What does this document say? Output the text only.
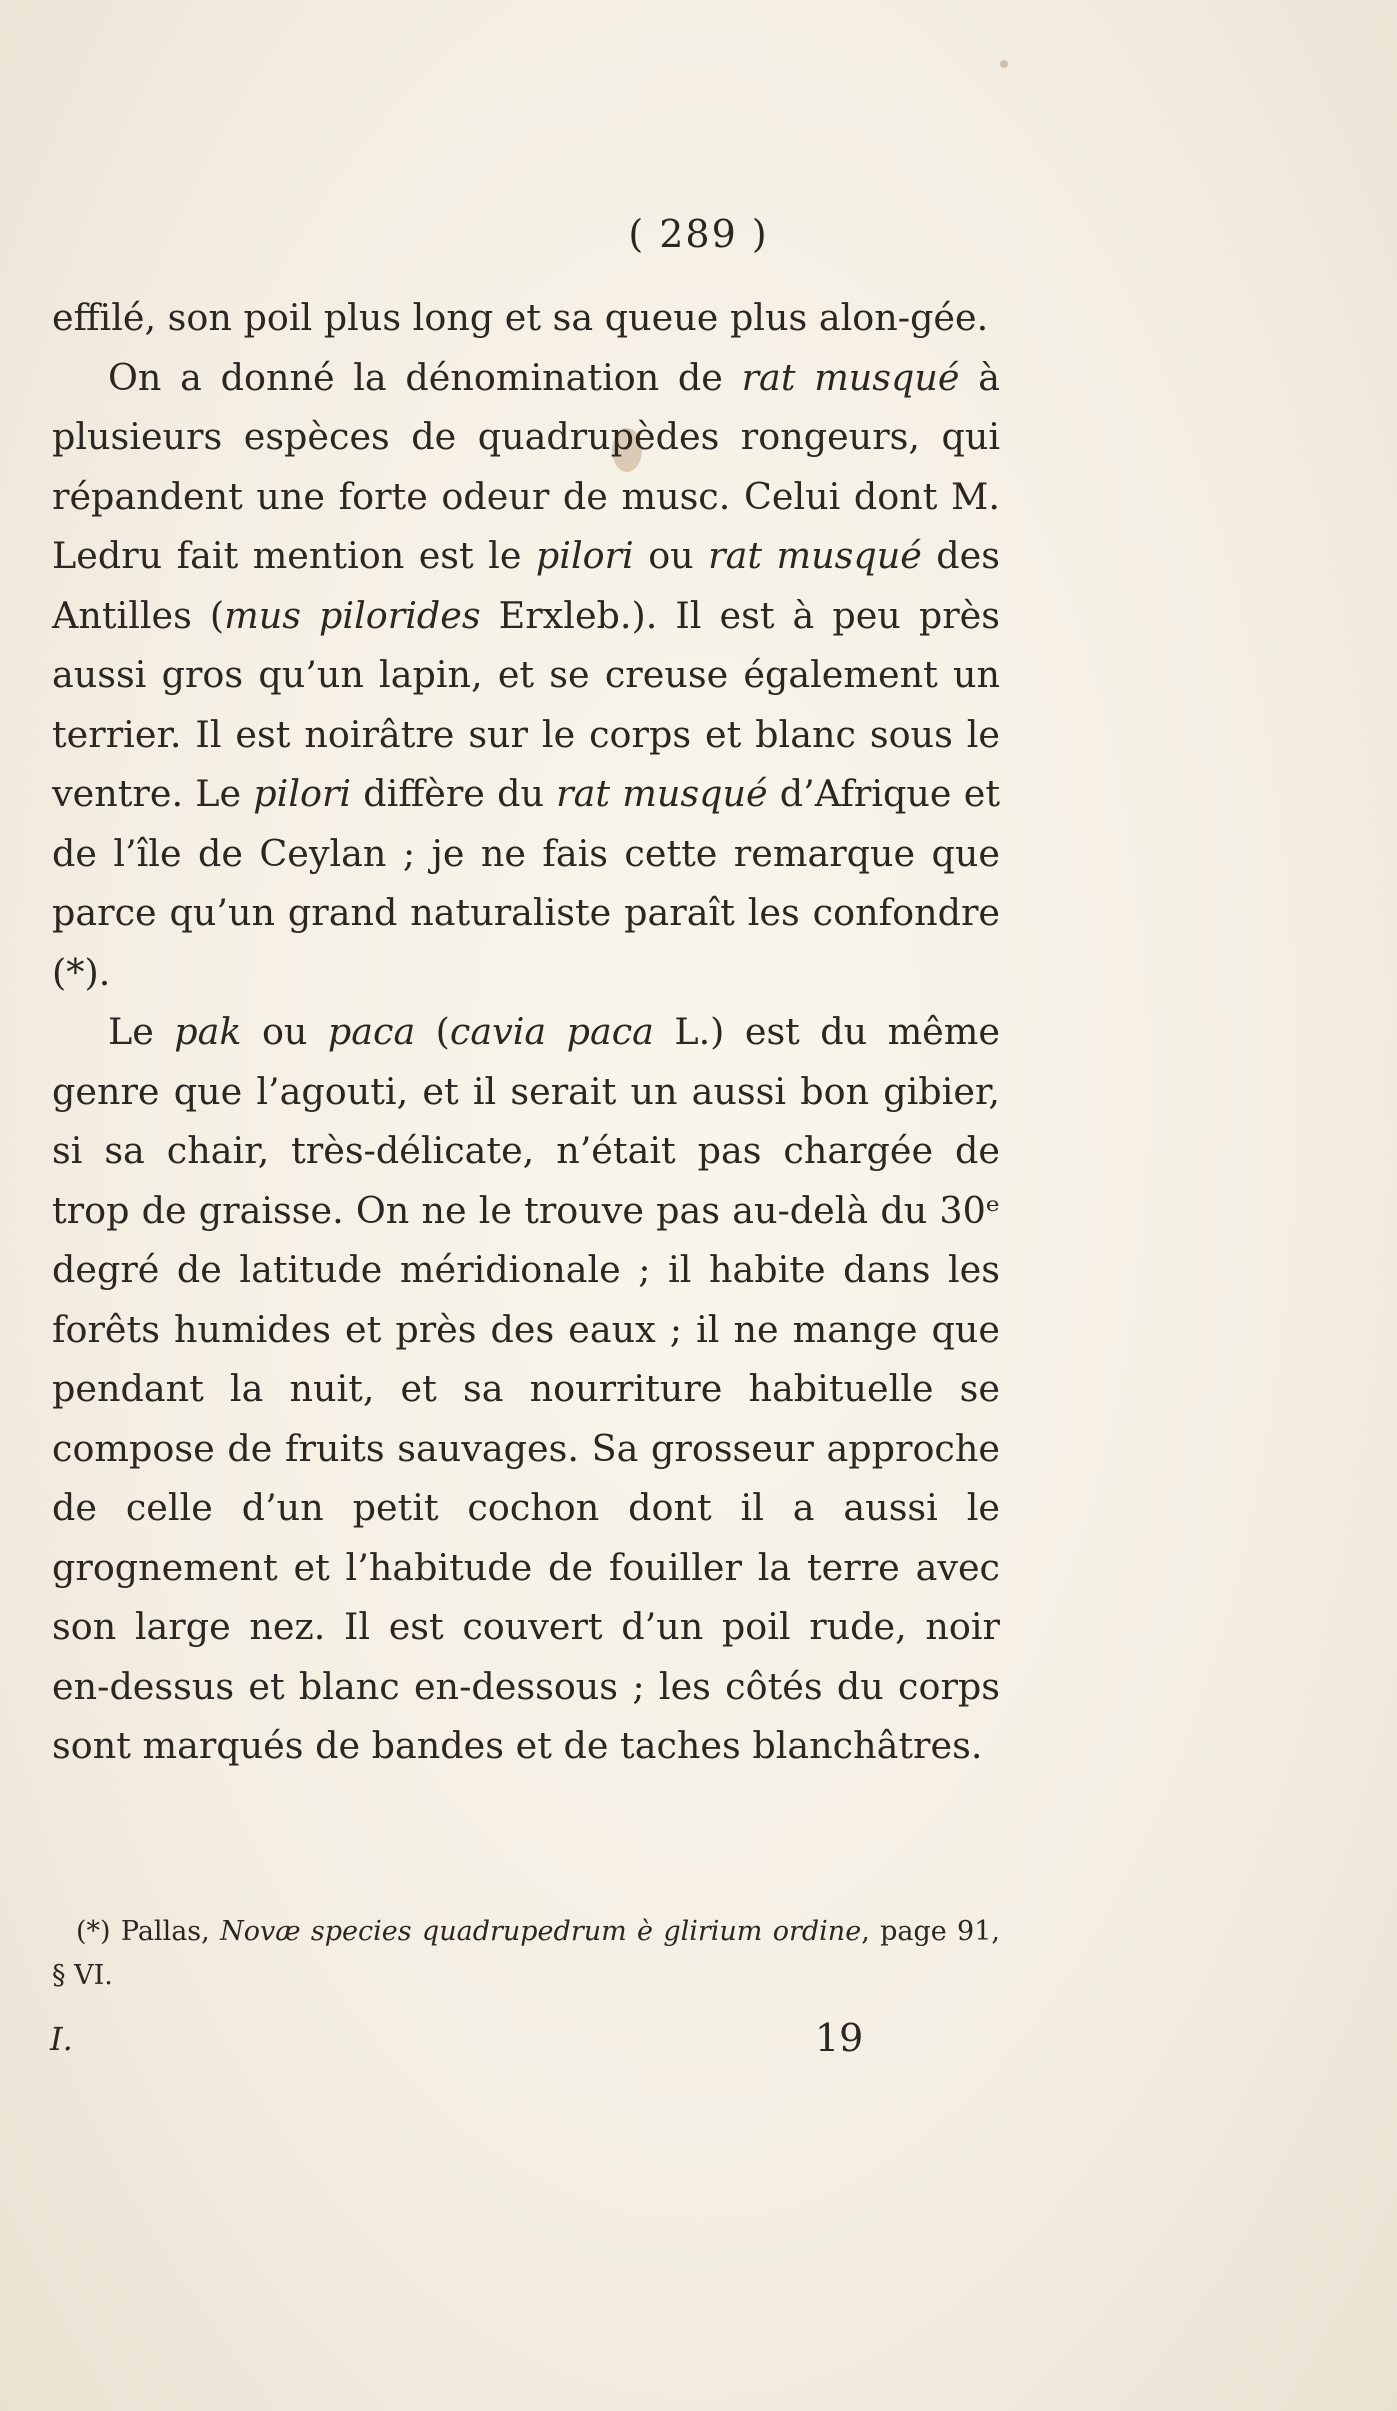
( 289 )

effilé, son poil plus long et sa queue plus alon-gée.

On a donné la dénomination de rat musqué à plusieurs espèces de quadrupèdes rongeurs, qui répandent une forte odeur de musc. Celui dont M. Ledru fait mention est le pilori ou rat musqué des Antilles (mus pilorides Erxleb.). Il est à peu près aussi gros qu’un lapin, et se creuse également un terrier. Il est noirâtre sur le corps et blanc sous le ventre. Le pilori diffère du rat musqué d’Afrique et de l’île de Ceylan ; je ne fais cette remarque que parce qu’un grand naturaliste paraît les confondre (*).

Le pak ou paca (cavia paca L.) est du même genre que l’agouti, et il serait un aussi bon gibier, si sa chair, très-délicate, n’était pas chargée de trop de graisse. On ne le trouve pas au-delà du 30ᵉ degré de latitude méridionale ; il habite dans les forêts humides et près des eaux ; il ne mange que pendant la nuit, et sa nourriture habituelle se compose de fruits sauvages. Sa grosseur approche de celle d’un petit cochon dont il a aussi le grognement et l’habitude de fouiller la terre avec son large nez. Il est couvert d’un poil rude, noir en-dessus et blanc en-dessous ; les côtés du corps sont marqués de bandes et de taches blanchâtres.

(*) Pallas, Novæ species quadrupedrum è glirium ordine, page 91, § VI.

I.	19
